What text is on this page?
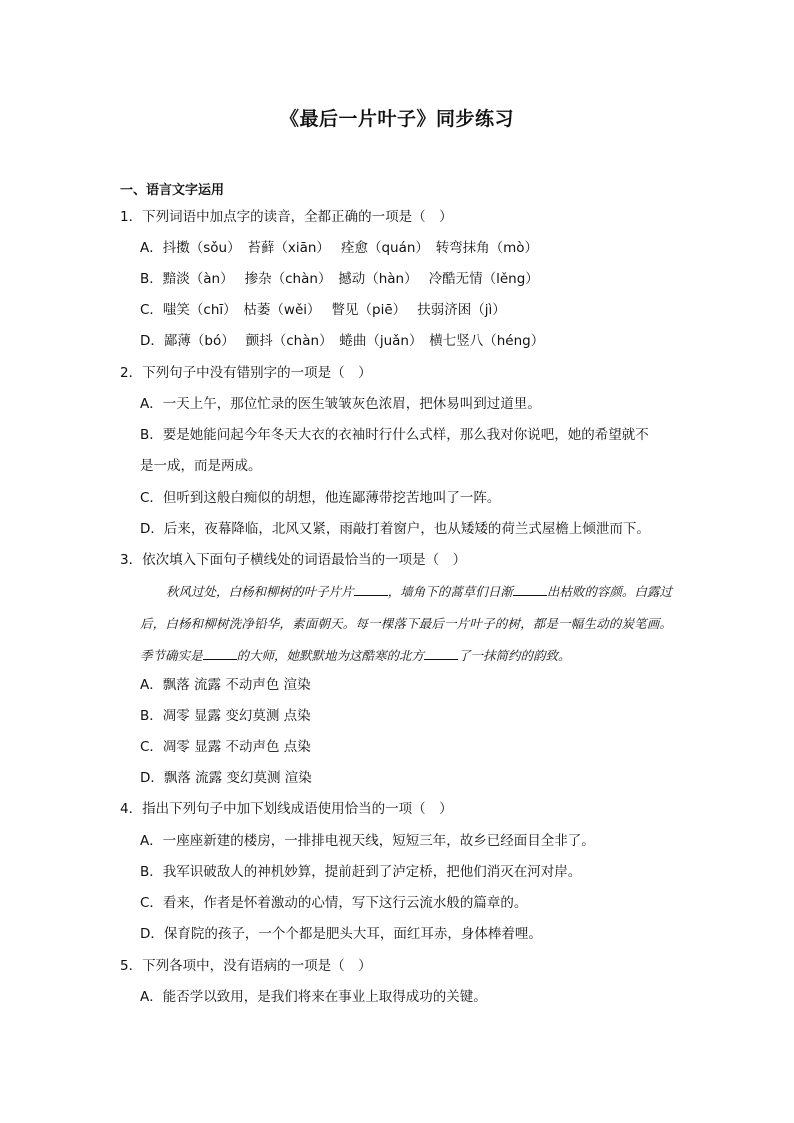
《最后一片叶子》同步练习
一、语言文字运用
1．下列词语中加点字的读音，全都正确的一项是（　）
A．抖擞（sǒu）　苔藓（xiān）　 痊愈（quán）　转弯抹角（mò）
B．黯淡（àn）　 掺杂（chàn）　撼动（hàn）　 冷酷无情（lěng）
C．嗤笑（chī）　枯萎（wěi）　 瞥见（piē）　 扶弱济困（jì）
D．鄙薄（bó）　 颤抖（chàn）　蜷曲（juǎn）　横七竖八（héng）
2．下列句子中没有错别字的一项是（　）
A．一天上午，那位忙录的医生皱皱灰色浓眉，把休易叫到过道里。
B．要是她能问起今年冬天大衣的衣袖时行什么式样，那么我对你说吧，她的希望就不
是一成，而是两成。
C．但听到这般白痴似的胡想，他连鄙薄带挖苦地叫了一阵。
D．后来，夜幕降临，北风又紧，雨敲打着窗户，也从矮矮的荷兰式屋檐上倾泄而下。
3．依次填入下面句子横线处的词语最恰当的一项是（　）

秋风过处，白杨和柳树的叶子片片	，墙角下的蒿草们日渐	出枯败的容颜。白露过后，白杨和柳树洗净铅华，素面朝天。每一棵落下最后一片叶子的树，都是一幅生动的炭笔画。季节确实是	的大师，她默默地为这酷寒的北方	了一抹简约的韵致。

A．飘落 流露 不动声色 渲染
B．凋零 显露 变幻莫测 点染
C．凋零 显露 不动声色 点染
D．飘落 流露 变幻莫测 渲染
4．指出下列句子中加下划线成语使用恰当的一项（　）
A．一座座新建的楼房，一排排电视天线，短短三年，故乡已经面目全非了。
B．我军识破敌人的神机妙算，提前赶到了泸定桥，把他们消灭在河对岸。
C．看来，作者是怀着激动的心情，写下这行云流水般的篇章的。
D．保育院的孩子，一个个都是肥头大耳，面红耳赤，身体棒着哩。
5．下列各项中，没有语病的一项是（　）
A．能否学以致用，是我们将来在事业上取得成功的关键。
